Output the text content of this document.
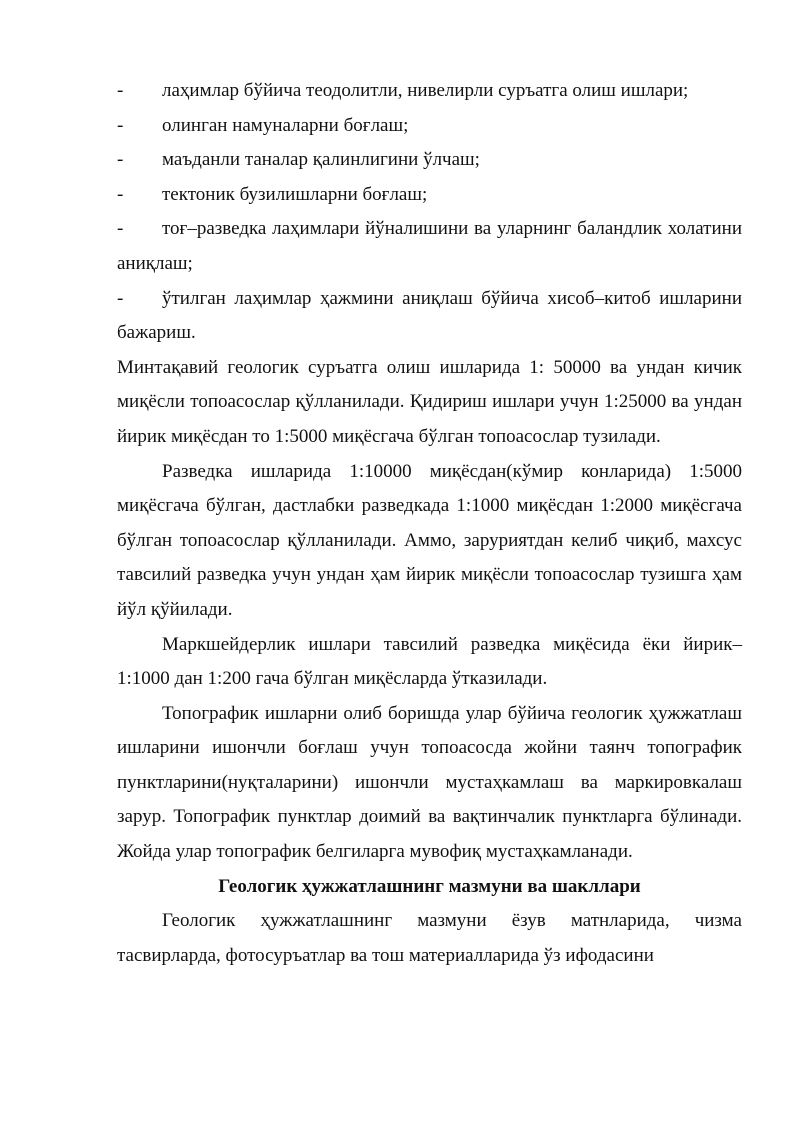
- лаҳимлар бўйича теодолитли, нивелирли суръатга олиш ишлари;
- олинган намуналарни боғлаш;
- маъданли таналар қалинлигини ўлчаш;
- тектоник бузилишларни боғлаш;
- тоғ–разведка лаҳимлари йўналишини ва уларнинг баландлик холатини аниқлаш;
- ўтилган лаҳимлар ҳажмини аниқлаш бўйича хисоб–китоб ишларини бажариш.

Минтақавий геологик суръатга олиш ишларида 1: 50000 ва ундан кичик миқёсли топоасослар қўлланилади. Қидириш ишлари учун 1:25000 ва ундан йирик миқёсдан то 1:5000 миқёсгача бўлган топоасослар тузилади.

Разведка ишларида 1:10000 миқёсдан(кўмир конларида) 1:5000 миқёсгача бўлган, дастлабки разведкада 1:1000 миқёсдан 1:2000 миқёсгача бўлган топоасослар қўлланилади. Аммо, заруриятдан келиб чиқиб, махсус тавсилий разведка учун ундан ҳам йирик миқёсли топоасослар тузишга ҳам йўл қўйилади.

Маркшейдерлик ишлари тавсилий разведка миқёсида ёки йирик–1:1000 дан 1:200 гача бўлган миқёсларда ўтказилади.

Топографик ишларни олиб боришда улар бўйича геологик ҳужжатлаш ишларини ишончли боғлаш учун топоасосда жойни таянч топографик пунктларини(нуқталарини) ишончли мустаҳкамлаш ва маркировкалаш зарур. Топографик пунктлар доимий ва вақтинчалик пунктларга бўлинади. Жойда улар топографик белгиларга мувофиқ мустаҳкамланади.

Геологик ҳужжатлашнинг мазмуни ва шакллари

Геологик ҳужжатлашнинг мазмуни ёзув матнларида, чизма тасвирларда, фотосуръатлар ва тош материалларида ўз ифодасини
